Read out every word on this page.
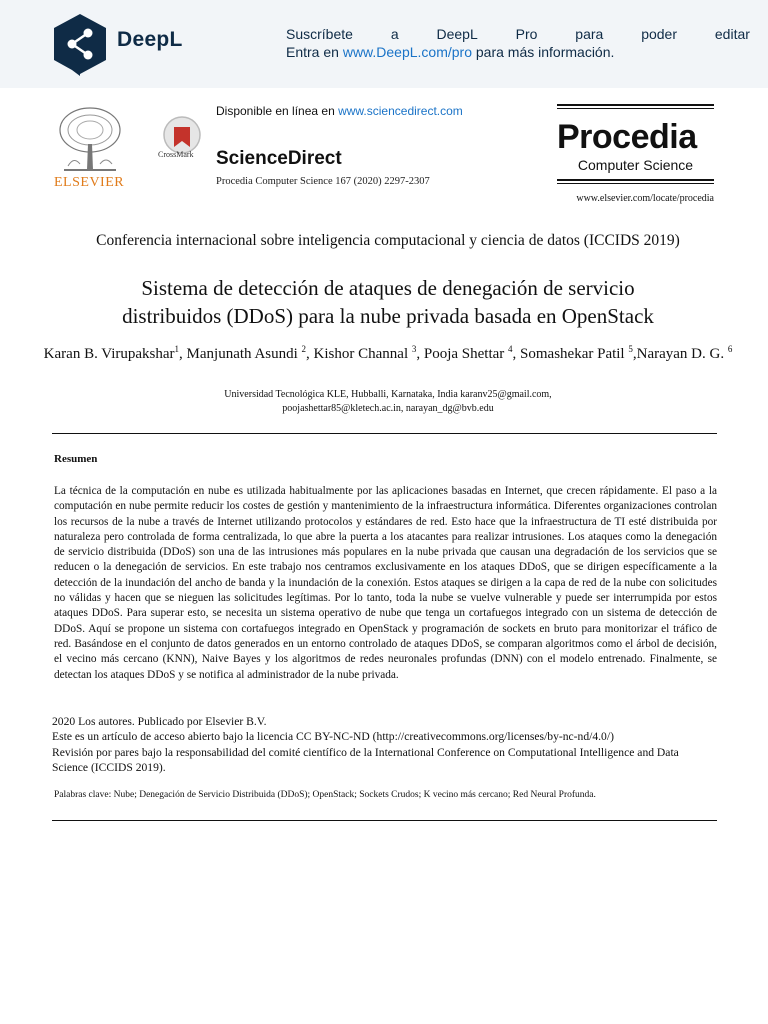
DeepL	Suscríbete	a	DeepL	Pro	para	poder	editar
Entra en www.DeepL.com/pro para más información.
ELSEVIER
CrossMark
Disponible en línea en www.sciencedirect.com
ScienceDirect
Procedia Computer Science 167 (2020) 2297-2307
Procedia
Computer Science
www.elsevier.com/locate/procedia
Conferencia internacional sobre inteligencia computacional y ciencia de datos (ICCIDS 2019)
Sistema de detección de ataques de denegación de servicio
distribuidos (DDoS) para la nube privada basada en OpenStack
Karan B. Virupakshar$^1$, Manjunath Asundi $^2$, Kishor Channal $^3$, Pooja Shettar $^4$, Somashekar Patil $^5$,Narayan D. G. $^6$
Universidad Tecnológica KLE, Hubballi, Karnataka, India karanv25@gmail.com,
poojashettar85@kletech.ac.in, narayan_dg@bvb.edu
Resumen

La técnica de la computación en nube es utilizada habitualmente por las aplicaciones basadas en Internet, que crecen rápidamente. El paso a la computación en nube permite reducir los costes de gestión y mantenimiento de la infraestructura informática. Diferentes organizaciones controlan los recursos de la nube a través de Internet utilizando protocolos y estándares de red. Esto hace que la infraestructura de TI esté distribuida por naturaleza pero controlada de forma centralizada, lo que abre la puerta a los atacantes para realizar intrusiones. Los ataques como la denegación de servicio distribuida (DDoS) son una de las intrusiones más populares en la nube privada que causan una degradación de los servicios que se reducen o la denegación de servicios. En este trabajo nos centramos exclusivamente en los ataques DDoS, que se dirigen específicamente a la detección de la inundación del ancho de banda y la inundación de la conexión. Estos ataques se dirigen a la capa de red de la nube con solicitudes no válidas y hacen que se nieguen las solicitudes legítimas. Por lo tanto, toda la nube se vuelve vulnerable y puede ser interrumpida por estos ataques DDoS. Para superar esto, se necesita un sistema operativo de nube que tenga un cortafuegos integrado con un sistema de detección de DDoS. Aquí se propone un sistema con cortafuegos integrado en OpenStack y programación de sockets en bruto para monitorizar el tráfico de red. Basándose en el conjunto de datos generados en un entorno controlado de ataques DDoS, se comparan algoritmos como el árbol de decisión, el vecino más cercano (KNN), Naive Bayes y los algoritmos de redes neuronales profundas (DNN) con el modelo entrenado. Finalmente, se detectan los ataques DDoS y se notifica al administrador de la nube privada.

2020 Los autores. Publicado por Elsevier B.V.

Este es un artículo de acceso abierto bajo la licencia CC BY-NC-ND (http://creativecommons.org/licenses/by-nc-nd/4.0/)

Revisión por pares bajo la responsabilidad del comité científico de la International Conference on Computational Intelligence and Data Science (ICCIDS 2019).

Palabras clave: Nube; Denegación de Servicio Distribuida (DDoS); OpenStack; Sockets Crudos; K vecino más cercano; Red Neural Profunda.
